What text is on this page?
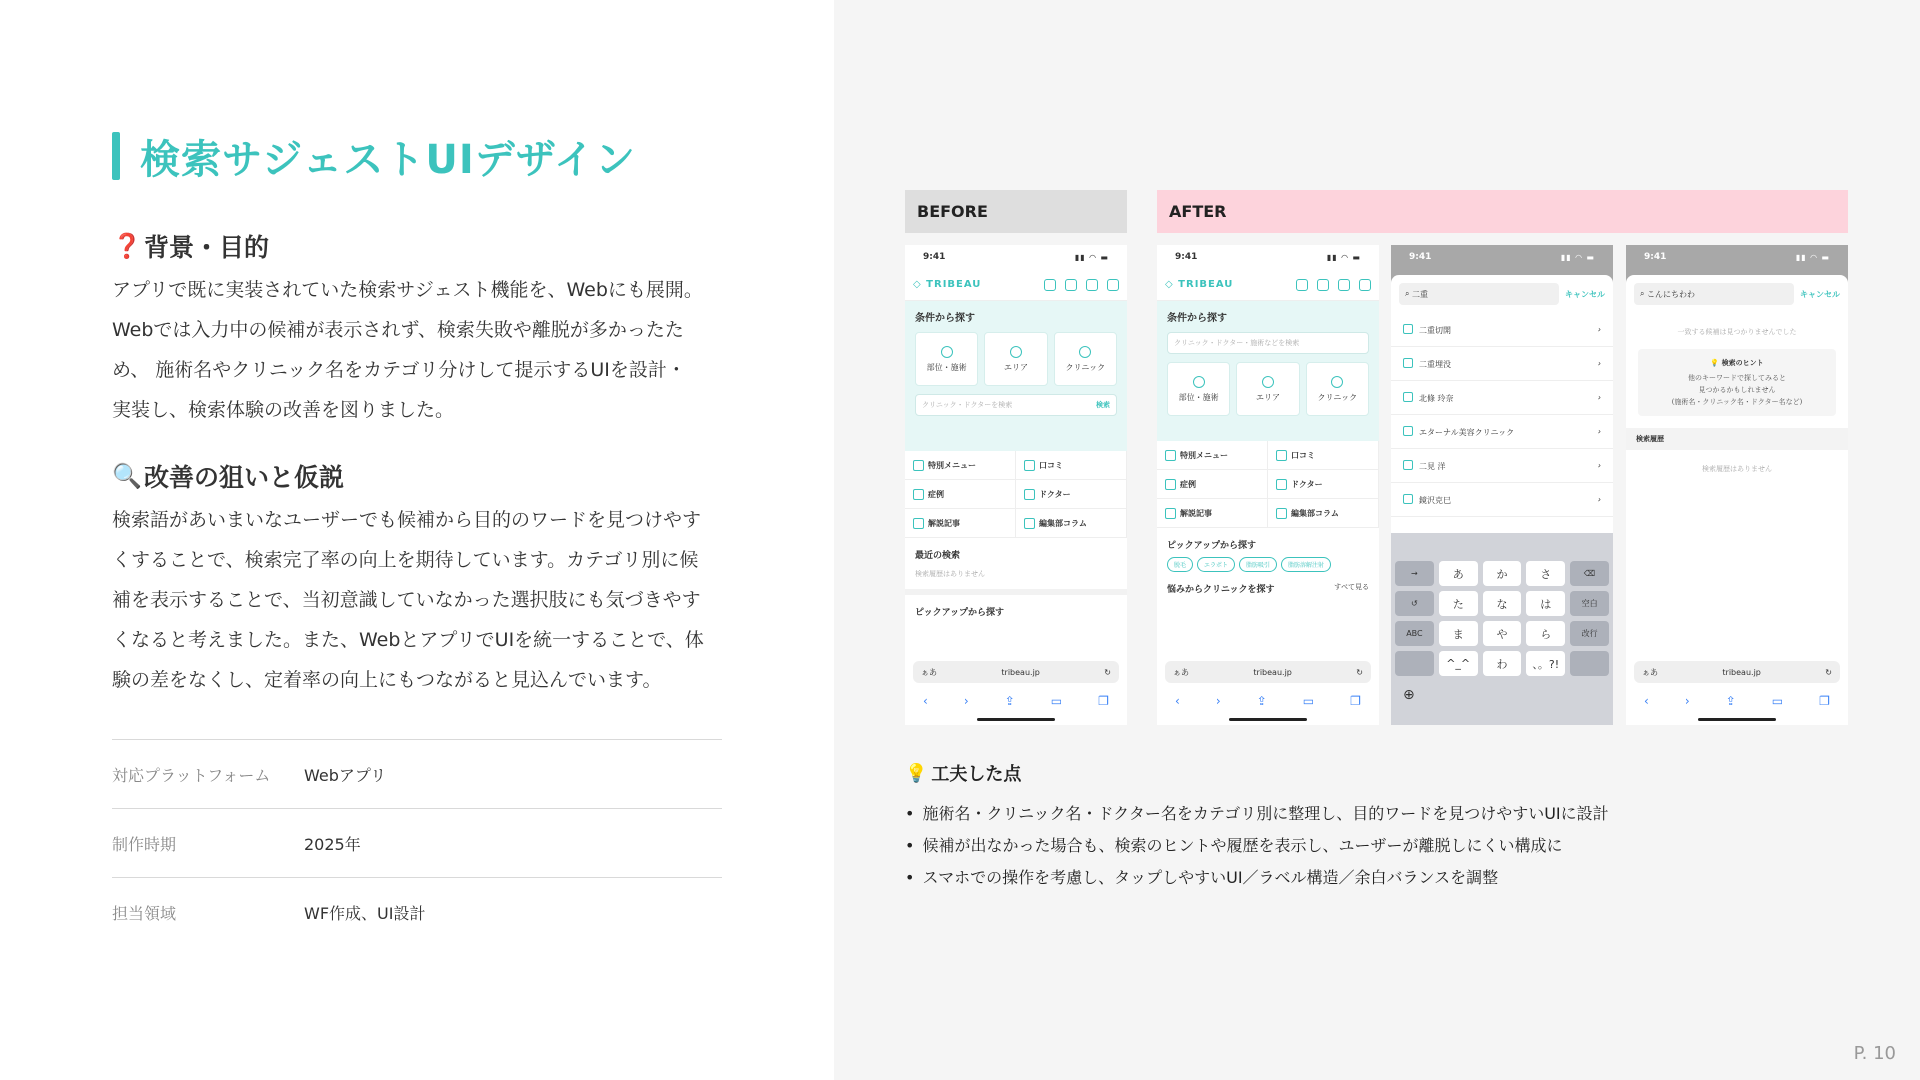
検索サジェストUIデザイン
❓ 背景・目的
アプリで既に実装されていた検索サジェスト機能を、Webにも展開。
Webでは入力中の候補が表示されず、検索失敗や離脱が多かったた
め、 施術名やクリニック名をカテゴリ分けして提示するUIを設計・
実装し、検索体験の改善を図りました。
🔍 改善の狙いと仮説
検索語があいまいなユーザーでも候補から目的のワードを見つけやす
くすることで、検索完了率の向上を期待しています。カテゴリ別に候
補を表示することで、当初意識していなかった選択肢にも気づきやす
くなると考えました。また、WebとアプリでUIを統一することで、体
験の差をなくし、定着率の向上にもつながると見込んでいます。
対応プラットフォーム	Webアプリ
制作時期	2025年
担当領域	WF作成、UI設計
BEFORE	AFTER
9:41	▮▮ ◠ ▬
◇ TRIBEAU
条件から探す
部位・施術	エリア	クリニック
クリニック・ドクターを検索	検索
特別メニュー	口コミ
症例	ドクター
解説記事	編集部コラム
最近の検索
検索履歴はありません
ピックアップから探す
ぁあ	tribeau.jp	↻
‹	›	⇪	▭	❐
9:41	▮▮ ◠ ▬
◇ TRIBEAU
条件から探す
クリニック・ドクター・施術などを検索
部位・施術	エリア	クリニック
特別メニュー	口コミ
症例	ドクター
解説記事	編集部コラム
ピックアップから探す
脱毛	エラボト	脂肪吸引	脂肪溶解注射
悩みからクリニックを探す	すべて見る
ぁあ	tribeau.jp	↻
‹	›	⇪	▭	❐
9:41	▮▮ ◠ ▬
⌕ 二重	キャンセル
二重切開	›
二重埋没	›
北條 玲奈	›
エターナル美容クリニック	›
二見 洋	›
鏡沢克巳	›
→	あ	か	さ	⌫
↺	た	な	は	空白
ABC	ま	や	ら	改行
^_^	わ	、。?!
⊕
9:41	▮▮ ◠ ▬
⌕ こんにちわわ	キャンセル
一致する候補は見つかりませんでした
💡 検索のヒント
他のキーワードで探してみると
見つかるかもしれません
(施術名・クリニック名・ドクター名など)
検索履歴
検索履歴はありません
ぁあ	tribeau.jp	↻
‹	›	⇪	▭	❐
💡 工夫した点
• 施術名・クリニック名・ドクター名をカテゴリ別に整理し、目的ワードを見つけやすいUIに設計
• 候補が出なかった場合も、検索のヒントや履歴を表示し、ユーザーが離脱しにくい構成に
• スマホでの操作を考慮し、タップしやすいUI／ラベル構造／余白バランスを調整
P. 10
